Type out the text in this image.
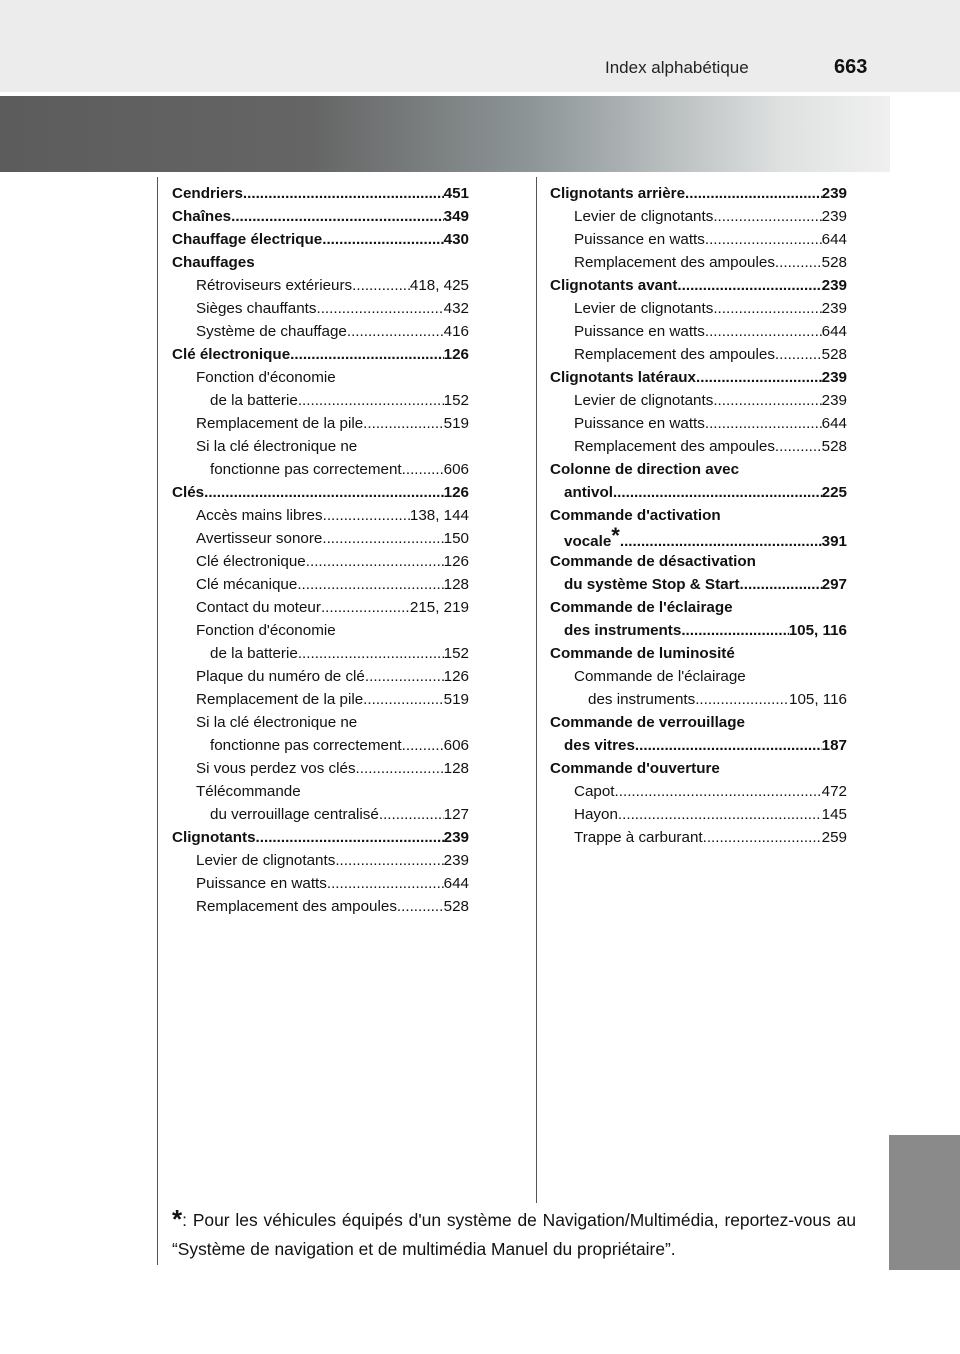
Index alphabétique	663
Cendriers .....	451
Chaînes .....	349
Chauffage électrique .....	430
Chauffages
Rétroviseurs extérieurs .....	418, 425
Sièges chauffants .....	432
Système de chauffage .....	416
Clé électronique .....	126
Fonction d'économie
de la batterie .....	152
Remplacement de la pile .....	519
Si la clé électronique ne
fonctionne pas correctement .....	606
Clés .....	126
Accès mains libres .....	138, 144
Avertisseur sonore .....	150
Clé électronique .....	126
Clé mécanique .....	128
Contact du moteur .....	215, 219
Fonction d'économie
de la batterie .....	152
Plaque du numéro de clé .....	126
Remplacement de la pile .....	519
Si la clé électronique ne
fonctionne pas correctement .....	606
Si vous perdez vos clés .....	128
Télécommande
du verrouillage centralisé .....	127
Clignotants .....	239
Levier de clignotants .....	239
Puissance en watts .....	644
Remplacement des ampoules .....	528
Clignotants arrière .....	239
Levier de clignotants .....	239
Puissance en watts .....	644
Remplacement des ampoules .....	528
Clignotants avant .....	239
Levier de clignotants .....	239
Puissance en watts .....	644
Remplacement des ampoules .....	528
Clignotants latéraux .....	239
Levier de clignotants .....	239
Puissance en watts .....	644
Remplacement des ampoules .....	528
Colonne de direction avec
antivol .....	225
Commande d'activation
vocale * .....	391
Commande de désactivation
du système Stop & Start .....	297
Commande de l'éclairage
des instruments .....	105, 116
Commande de luminosité
Commande de l'éclairage
des instruments .....	105, 116
Commande de verrouillage
des vitres .....	187
Commande d'ouverture
Capot .....	472
Hayon .....	145
Trappe à carburant .....	259
*: Pour les véhicules équipés d'un système de Navigation/Multimédia, reportez-vous au “Système de navigation et de multimédia Manuel du propriétaire”.
